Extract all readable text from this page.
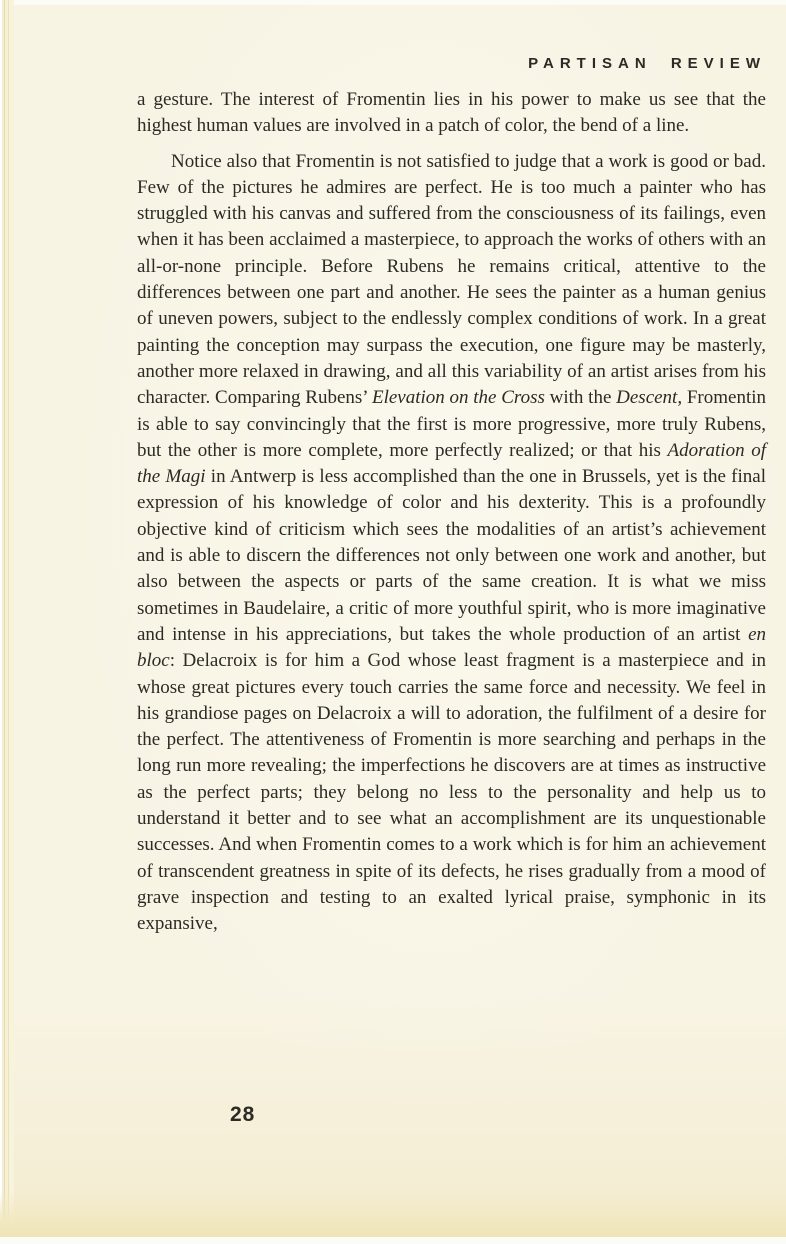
PARTISAN REVIEW

a gesture. The interest of Fromentin lies in his power to make us see that the highest human values are involved in a patch of color, the bend of a line.

Notice also that Fromentin is not satisfied to judge that a work is good or bad. Few of the pictures he admires are perfect. He is too much a painter who has struggled with his canvas and suffered from the consciousness of its failings, even when it has been acclaimed a masterpiece, to approach the works of others with an all-or-none principle. Before Rubens he remains critical, attentive to the differences between one part and another. He sees the painter as a human genius of uneven powers, subject to the endlessly complex conditions of work. In a great painting the conception may surpass the execution, one figure may be masterly, another more relaxed in drawing, and all this variability of an artist arises from his character. Comparing Rubens’ Elevation on the Cross with the Descent, Fromentin is able to say convincingly that the first is more progressive, more truly Rubens, but the other is more complete, more perfectly realized; or that his Adoration of the Magi in Antwerp is less accomplished than the one in Brussels, yet is the final expression of his knowledge of color and his dexterity. This is a profoundly objective kind of criticism which sees the modalities of an artist’s achievement and is able to discern the differences not only between one work and another, but also between the aspects or parts of the same creation. It is what we miss sometimes in Baudelaire, a critic of more youthful spirit, who is more imaginative and intense in his appreciations, but takes the whole production of an artist en bloc: Delacroix is for him a God whose least fragment is a masterpiece and in whose great pictures every touch carries the same force and necessity. We feel in his grandiose pages on Delacroix a will to adoration, the fulfilment of a desire for the perfect. The attentiveness of Fromentin is more searching and perhaps in the long run more revealing; the imperfections he discovers are at times as instructive as the perfect parts; they belong no less to the personality and help us to understand it better and to see what an accomplishment are its unquestionable successes. And when Fromentin comes to a work which is for him an achievement of transcendent greatness in spite of its defects, he rises gradually from a mood of grave inspection and testing to an exalted lyrical praise, symphonic in its expansive,

28
